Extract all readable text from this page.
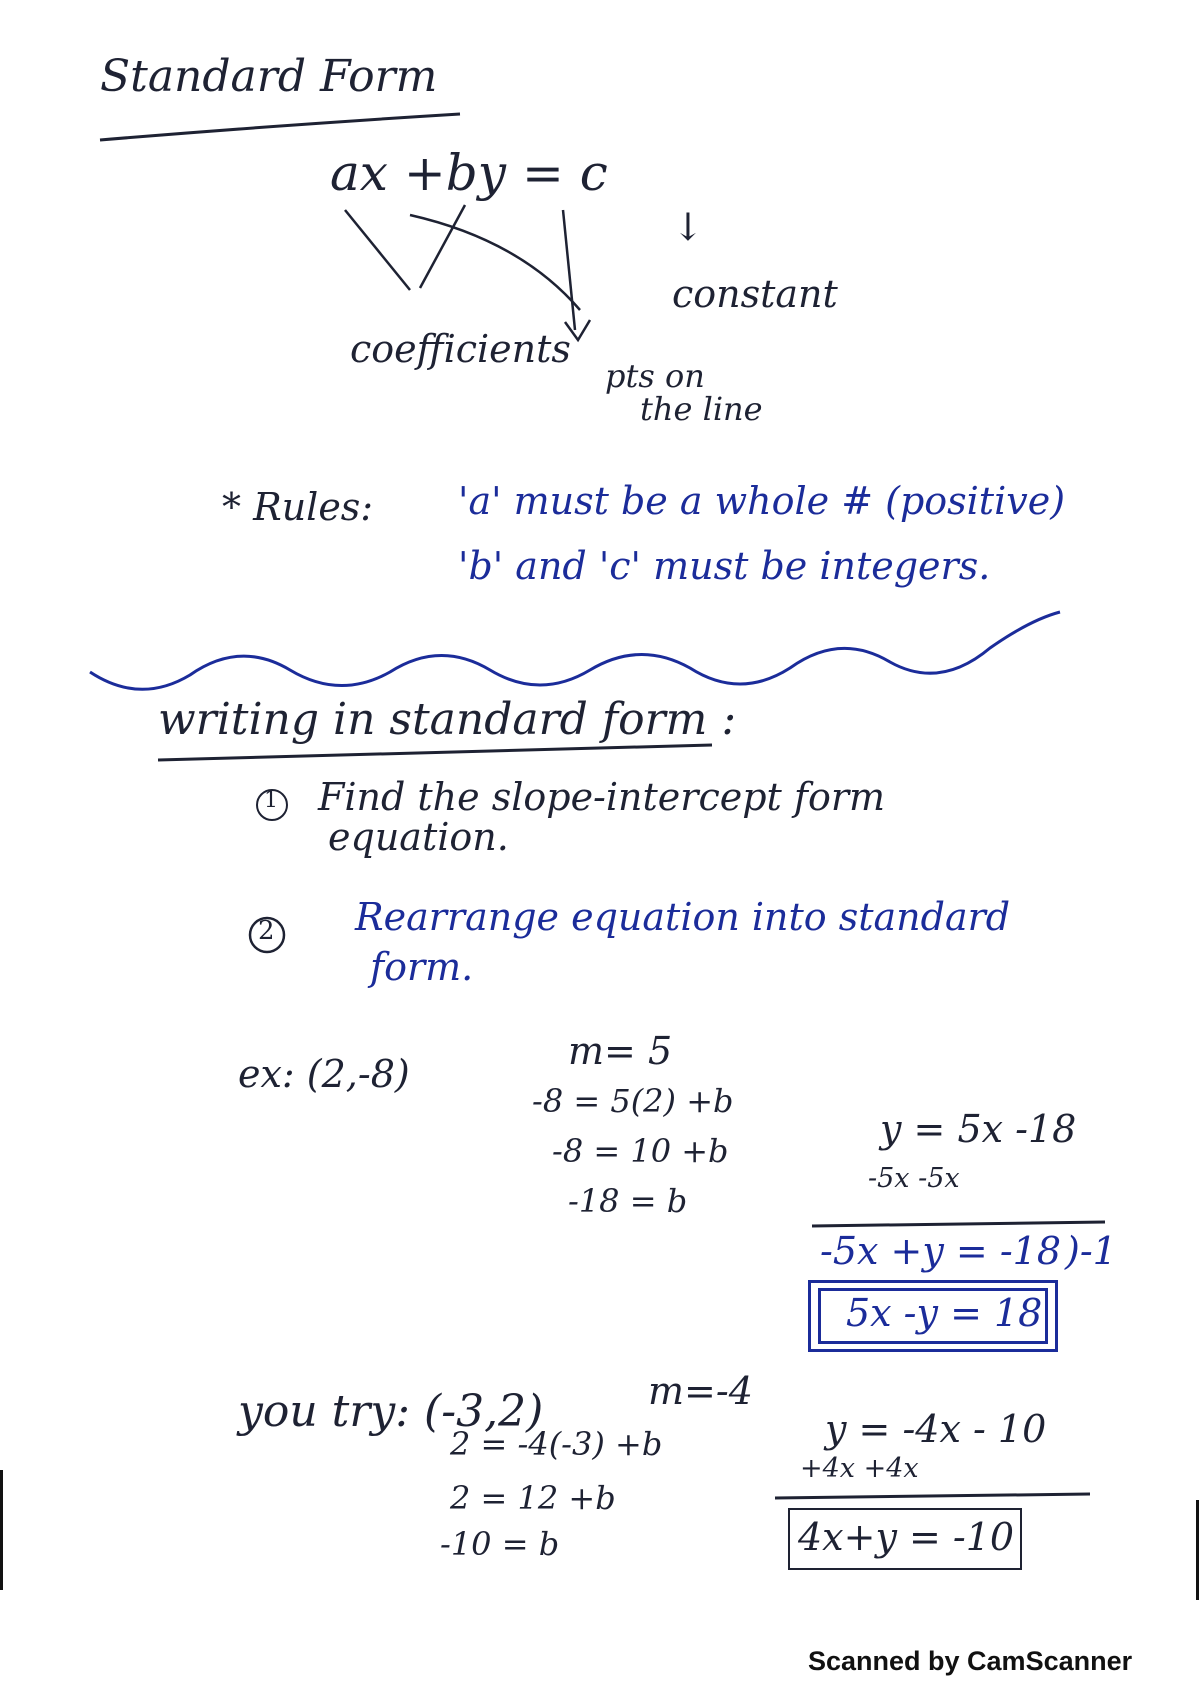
Standard Form
ax +by = c
↓
constant
coefficients
pts on
the line
* Rules: 'a' must be a whole # (positive)
'b' and 'c' must be integers.
writing in standard form :
1 Find the slope-intercept form
equation.
2 Rearrange equation into standard
form.
ex: (2,-8)
m= 5
-8 = 5(2) +b
-8 = 10 +b
-18 = b
y = 5x -18
-5x -5x
-5x +y = -18 )-1
5x -y = 18
you try: (-3,2)	m=-4
2 = -4(-3) +b
2 = 12 +b
-10 = b
y = -4x - 10
+4x +4x
4x+y = -10
Scanned by CamScanner
